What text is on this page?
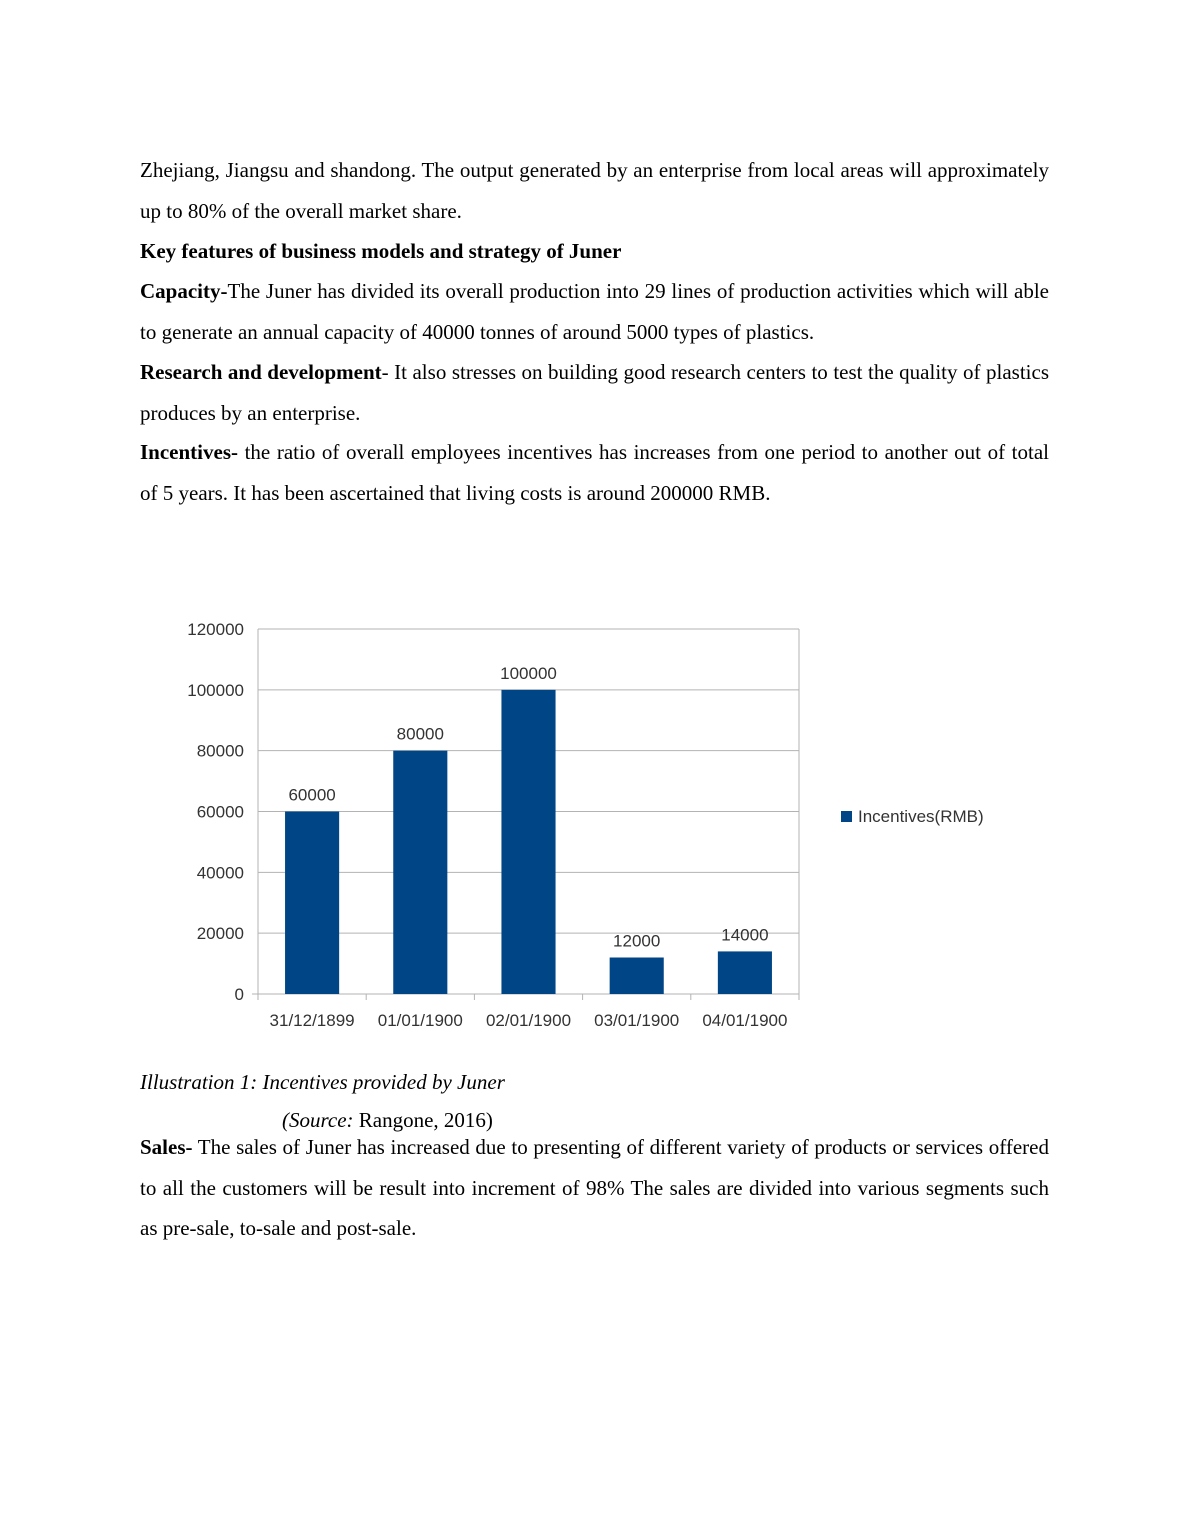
Zhejiang, Jiangsu and shandong. The output generated by an enterprise from local areas will approximately up to 80% of the overall market share.

Key features of business models and strategy of Juner

Capacity-The Juner has divided its overall production into 29 lines of production activities which will able to generate an annual capacity of 40000 tonnes of around 5000 types of plastics.

Research and development- It also stresses on building good research centers to test the quality of plastics produces by an enterprise.

Incentives- the ratio of overall employees incentives has increases from one period to another out of total of 5 years. It has been ascertained that living costs is around 200000 RMB.

0
20000
40000
60000
80000
100000
120000
60000
31/12/1899
80000
01/01/1900
100000
02/01/1900
12000
03/01/1900
14000
04/01/1900
Incentives(RMB)

Illustration 1: Incentives provided by Juner

(Source: Rangone, 2016)

Sales- The sales of Juner has increased due to presenting of different variety of products or services offered to all the customers will be result into increment of 98% The sales are divided into various segments such as pre-sale, to-sale and post-sale.
